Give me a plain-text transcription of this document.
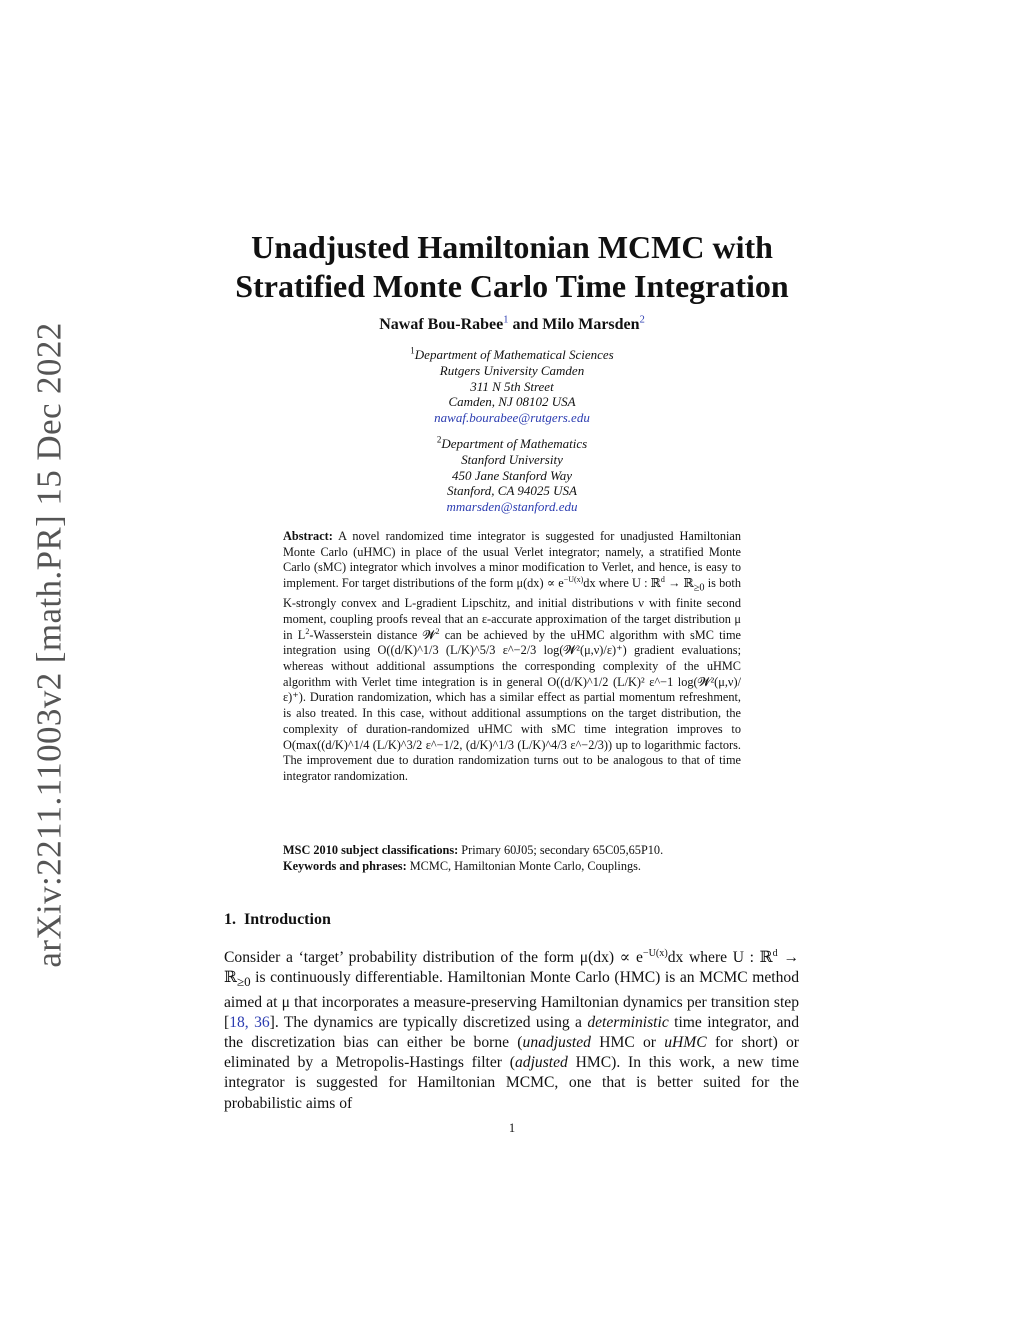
arXiv:2211.11003v2 [math.PR] 15 Dec 2022
Unadjusted Hamiltonian MCMC with
Stratified Monte Carlo Time Integration
Nawaf Bou-Rabee$^1$ and Milo Marsden$^2$
$^1$Department of Mathematical Sciences
Rutgers University Camden
311 N 5th Street
Camden, NJ 08102 USA
nawaf.bourabee@rutgers.edu
$^2$Department of Mathematics
Stanford University
450 Jane Stanford Way
Stanford, CA 94025 USA
mmarsden@stanford.edu
Abstract: A novel randomized time integrator is suggested for unadjusted Hamiltonian Monte Carlo (uHMC) in place of the usual Verlet integrator; namely, a stratified Monte Carlo (sMC) integrator which involves a minor modification to Verlet, and hence, is easy to implement. For target distributions of the form $\mu(dx) \propto e^{-U(x)}dx$ where U : ℝ$^d$ → ℝ$_{\ge 0}$ is both K-strongly convex and L-gradient Lipschitz, and initial distributions ν with finite second moment, coupling proofs reveal that an ε-accurate approximation of the target distribution μ in $L^2$-Wasserstein distance 𝓦$^2$ can be achieved by the uHMC algorithm with sMC time integration using O((d/K)^1/3 (L/K)^5/3 ε^−2/3 log(𝓦²(μ,ν)/ε)⁺) gradient evaluations; whereas without additional assumptions the corresponding complexity of the uHMC algorithm with Verlet time integration is in general O((d/K)^1/2 (L/K)² ε^−1 log(𝓦²(μ,ν)/ε)⁺). Duration randomization, which has a similar effect as partial momentum refreshment, is also treated. In this case, without additional assumptions on the target distribution, the complexity of duration-randomized uHMC with sMC time integration improves to O(max((d/K)^1/4 (L/K)^3/2 ε^−1/2, (d/K)^1/3 (L/K)^4/3 ε^−2/3)) up to logarithmic factors. The improvement due to duration randomization turns out to be analogous to that of time integrator randomization.
MSC 2010 subject classifications: Primary 60J05; secondary 65C05,65P10.
Keywords and phrases: MCMC, Hamiltonian Monte Carlo, Couplings.
1. Introduction
Consider a ‘target’ probability distribution of the form $\mu(dx) \propto e^{-U(x)}dx$ where U : ℝ$^d$ → ℝ$_{\ge 0}$ is continuously differentiable. Hamiltonian Monte Carlo (HMC) is an MCMC method aimed at μ that incorporates a measure-preserving Hamiltonian dynamics per transition step [18, 36]. The dynamics are typically discretized using a deterministic time integrator, and the discretization bias can either be borne (unadjusted HMC or uHMC for short) or eliminated by a Metropolis-Hastings filter (adjusted HMC). In this work, a new time integrator is suggested for Hamiltonian MCMC, one that is better suited for the probabilistic aims of
1
